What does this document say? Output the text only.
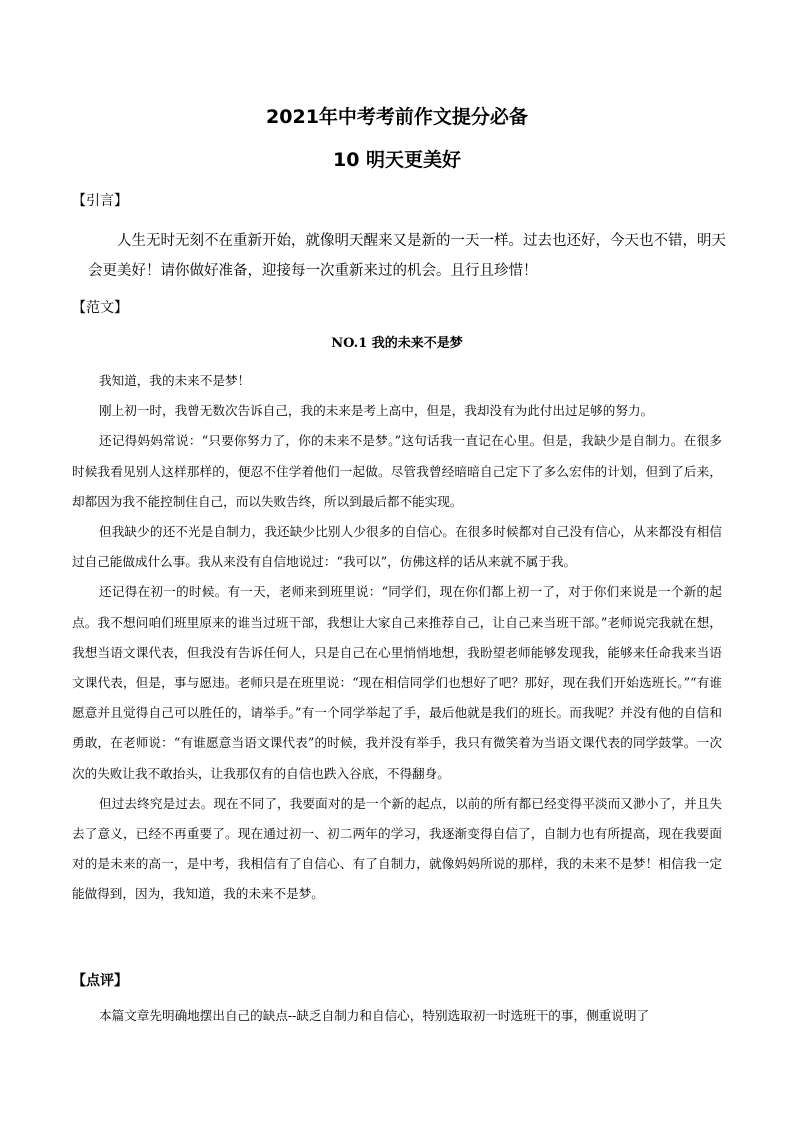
2021年中考考前作文提分必备
10 明天更美好
【引言】
人生无时无刻不在重新开始，就像明天醒来又是新的一天一样。过去也还好，今天也不错，明天会更美好！请你做好准备，迎接每一次重新来过的机会。且行且珍惜！
【范文】
NO.1 我的未来不是梦

我知道，我的未来不是梦！

刚上初一时，我曾无数次告诉自己，我的未来是考上高中，但是，我却没有为此付出过足够的努力。

还记得妈妈常说：“只要你努力了，你的未来不是梦。”这句话我一直记在心里。但是，我缺少是自制力。在很多时候我看见别人这样那样的，便忍不住学着他们一起做。尽管我曾经暗暗自己定下了多么宏伟的计划，但到了后来，却都因为我不能控制住自己，而以失败告终，所以到最后都不能实现。

但我缺少的还不光是自制力，我还缺少比别人少很多的自信心。在很多时候都对自己没有信心，从来都没有相信过自己能做成什么事。我从来没有自信地说过：“我可以”，仿佛这样的话从来就不属于我。

还记得在初一的时候。有一天，老师来到班里说：“同学们，现在你们都上初一了，对于你们来说是一个新的起点。我不想问咱们班里原来的谁当过班干部，我想让大家自己来推荐自己，让自己来当班干部。”老师说完我就在想，我想当语文课代表，但我没有告诉任何人，只是自己在心里悄悄地想，我盼望老师能够发现我，能够来任命我来当语文课代表，但是，事与愿违。老师只是在班里说：“现在相信同学们也想好了吧？那好，现在我们开始选班长。”“有谁愿意并且觉得自己可以胜任的，请举手。”有一个同学举起了手，最后他就是我们的班长。而我呢？并没有他的自信和勇敢，在老师说：“有谁愿意当语文课代表”的时候，我并没有举手，我只有微笑着为当语文课代表的同学鼓掌。一次次的失败让我不敢抬头，让我那仅有的自信也跌入谷底，不得翻身。

但过去终究是过去。现在不同了，我要面对的是一个新的起点，以前的所有都已经变得平淡而又渺小了，并且失去了意义，已经不再重要了。现在通过初一、初二两年的学习，我逐渐变得自信了，自制力也有所提高，现在我要面对的是未来的高一，是中考，我相信有了自信心、有了自制力，就像妈妈所说的那样，我的未来不是梦！相信我一定能做得到，因为，我知道，我的未来不是梦。

【点评】
本篇文章先明确地摆出自己的缺点--缺乏自制力和自信心，特别选取初一时选班干的事，侧重说明了
